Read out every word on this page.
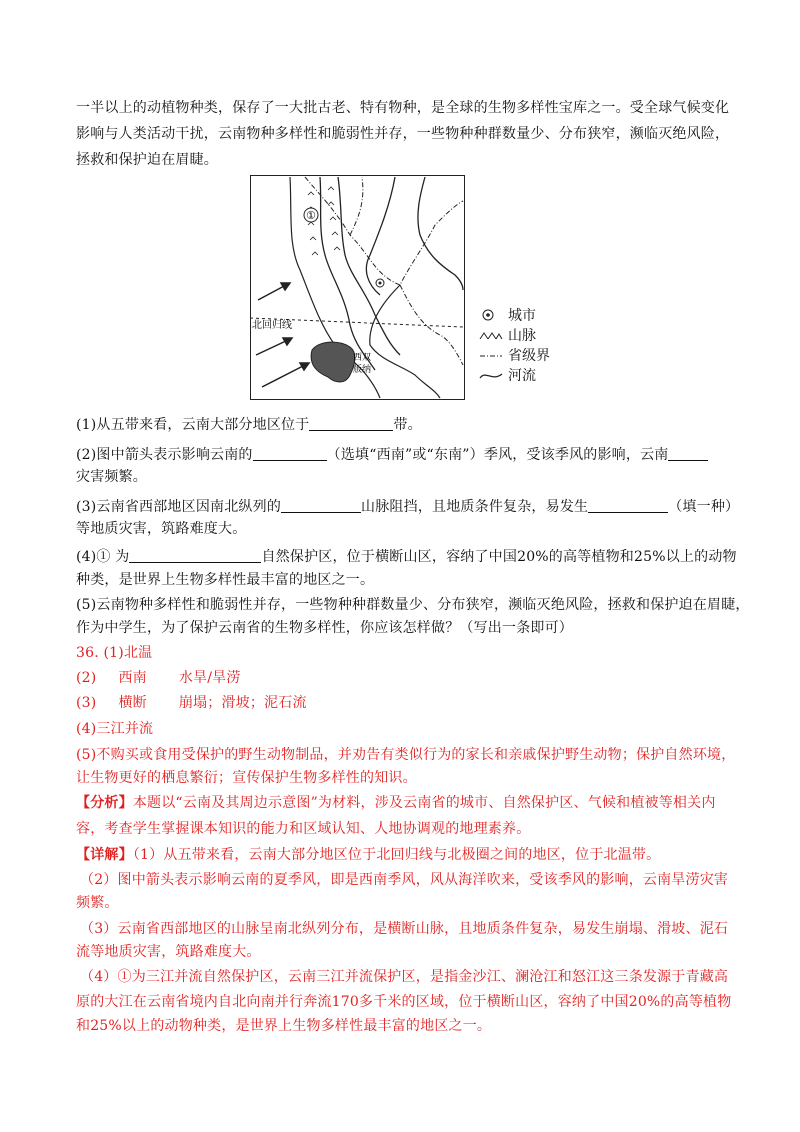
一半以上的动植物种类，保存了一大批古老、特有物种，是全球的生物多样性宝库之一。受全球气候变化
影响与人类活动干扰，云南物种多样性和脆弱性并存，一些物种种群数量少、分布狭窄，濒临灭绝风险，
拯救和保护迫在眉睫。
①
北回归线
西双
版纳
城市
山脉
省级界
河流
(1)从五带来看，云南大部分地区位于	带。
(2)图中箭头表示影响云南的	（选填“西南”或“东南”）季风，受该季风的影响，云南
灾害频繁。
(3)云南省西部地区因南北纵列的	山脉阻挡，且地质条件复杂，易发生	（填一种）
等地质灾害，筑路难度大。
(4)① 为	自然保护区，位于横断山区，容纳了中国20%的高等植物和25%以上的动物
种类，是世界上生物多样性最丰富的地区之一。
(5)云南物种多样性和脆弱性并存，一些物种种群数量少、分布狭窄，濒临灭绝风险，拯救和保护迫在眉睫，
作为中学生，为了保护云南省的生物多样性，你应该怎样做？（写出一条即可）
36. (1)北温
(2) 西南 水旱/旱涝
(3) 横断 崩塌；滑坡；泥石流
(4)三江并流
(5)不购买或食用受保护的野生动物制品，并劝告有类似行为的家长和亲戚保护野生动物；保护自然环境，
让生物更好的栖息繁衍；宣传保护生物多样性的知识。
【分析】本题以“云南及其周边示意图”为材料，涉及云南省的城市、自然保护区、气候和植被等相关内
容，考查学生掌握课本知识的能力和区域认知、人地协调观的地理素养。
【详解】（1）从五带来看，云南大部分地区位于北回归线与北极圈之间的地区，位于北温带。
（2）图中箭头表示影响云南的夏季风，即是西南季风，风从海洋吹来，受该季风的影响，云南旱涝灾害
频繁。
（3）云南省西部地区的山脉呈南北纵列分布，是横断山脉，且地质条件复杂，易发生崩塌、滑坡、泥石
流等地质灾害，筑路难度大。
（4）①为三江并流自然保护区，云南三江并流保护区，是指金沙江、澜沧江和怒江这三条发源于青藏高
原的大江在云南省境内自北向南并行奔流170多千米的区域，位于横断山区，容纳了中国20%的高等植物
和25%以上的动物种类，是世界上生物多样性最丰富的地区之一。
